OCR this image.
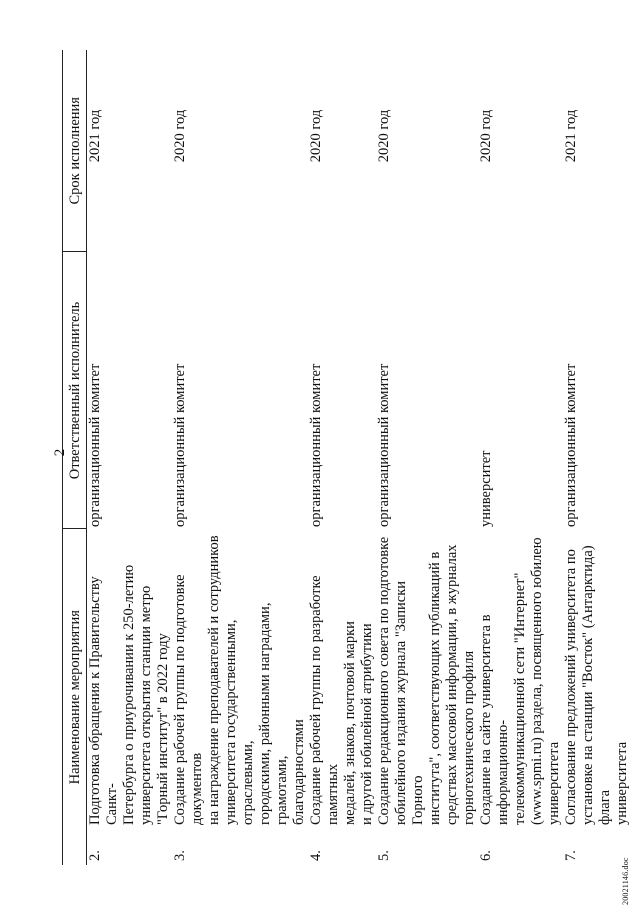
2
Наименование мероприятия		Ответственный исполнитель	Срок исполнения
2.	Подготовка обращения к Правительству Санкт-
Петербурга о приурочивании к 250-летию
университета открытия станции метро
"Горный институт" в 2022 году	организационный комитет	2021 год
3.	Создание рабочей группы по подготовке документов
на награждение преподавателей и сотрудников
университета государственными, отраслевыми,
городскими, районными наградами, грамотами,
благодарностями	организационный комитет	2020 год
4.	Создание рабочей группы по разработке памятных
медалей, знаков, почтовой марки
и другой юбилейной атрибутики	организационный комитет	2020 год
5.	Создание редакционного совета по подготовке
юбилейного издания журнала "Записки Горного
института", соответствующих публикаций в
средствах массовой информации, в журналах
горнотехнического профиля	организационный комитет	2020 год
6.	Создание на сайте университета в информационно-
телекоммуникационной сети "Интернет"
(www.spmi.ru) раздела, посвященного юбилею
университета	университет	2020 год
7.	Согласование предложений университета по
установке на станции "Восток" (Антарктида) флага
университета	организационный комитет	2021 год
20021146.doc
